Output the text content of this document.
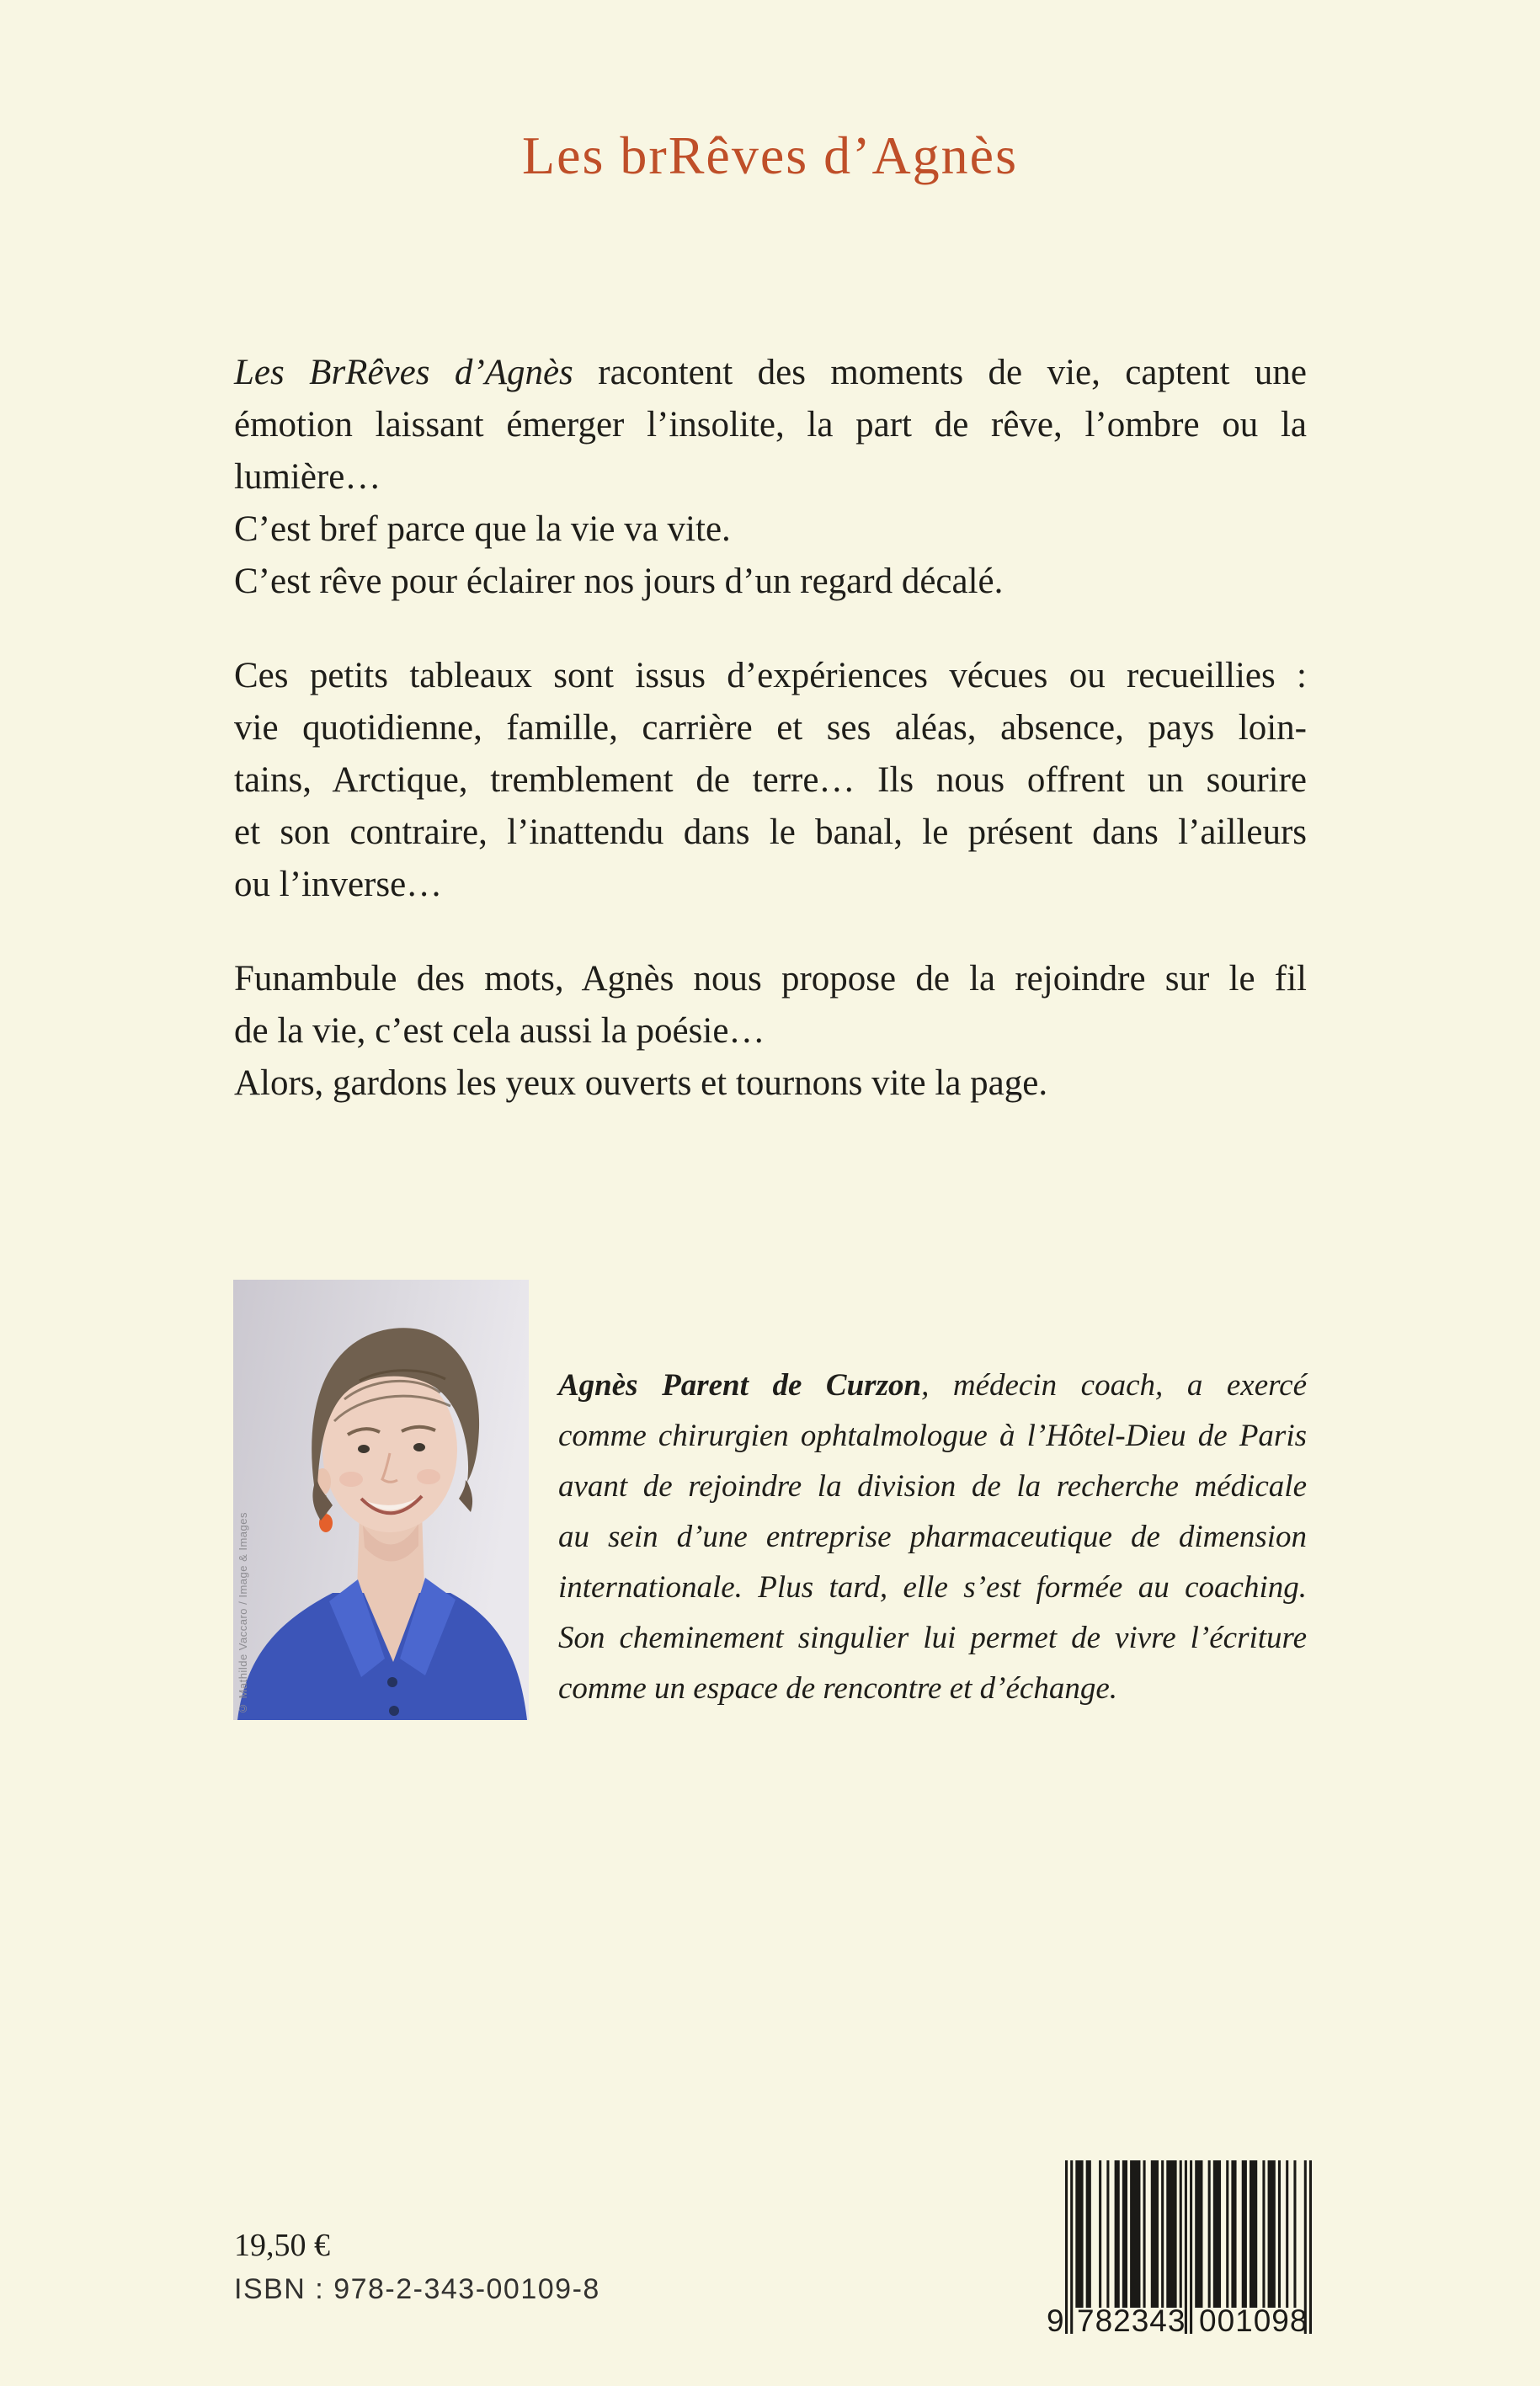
Les brRêves d’Agnès
Les BrRêves d’Agnès racontent des moments de vie, captent une
émotion laissant émerger l’insolite, la part de rêve, l’ombre ou la
lumière…
C’est bref parce que la vie va vite.
C’est rêve pour éclairer nos jours d’un regard décalé.
Ces petits tableaux sont issus d’expériences vécues ou recueillies :
vie quotidienne, famille, carrière et ses aléas, absence, pays loin-
tains, Arctique, tremblement de terre… Ils nous offrent un sourire
et son contraire, l’inattendu dans le banal, le présent dans l’ailleurs
ou l’inverse…
Funambule des mots, Agnès nous propose de la rejoindre sur le fil
de la vie, c’est cela aussi la poésie…
Alors, gardons les yeux ouverts et tournons vite la page.
© Mathilde Vaccaro / Image & Images
Agnès Parent de Curzon, médecin coach, a exercé
comme chirurgien ophtalmologue à l’Hôtel-Dieu de Paris
avant de rejoindre la division de la recherche médicale
au sein d’une entreprise pharmaceutique de dimension
internationale. Plus tard, elle s’est formée au coaching.
Son cheminement singulier lui permet de vivre l’écriture
comme un espace de rencontre et d’échange.
19,50 €
ISBN : 978-2-343-00109-8
9 782343 001098
